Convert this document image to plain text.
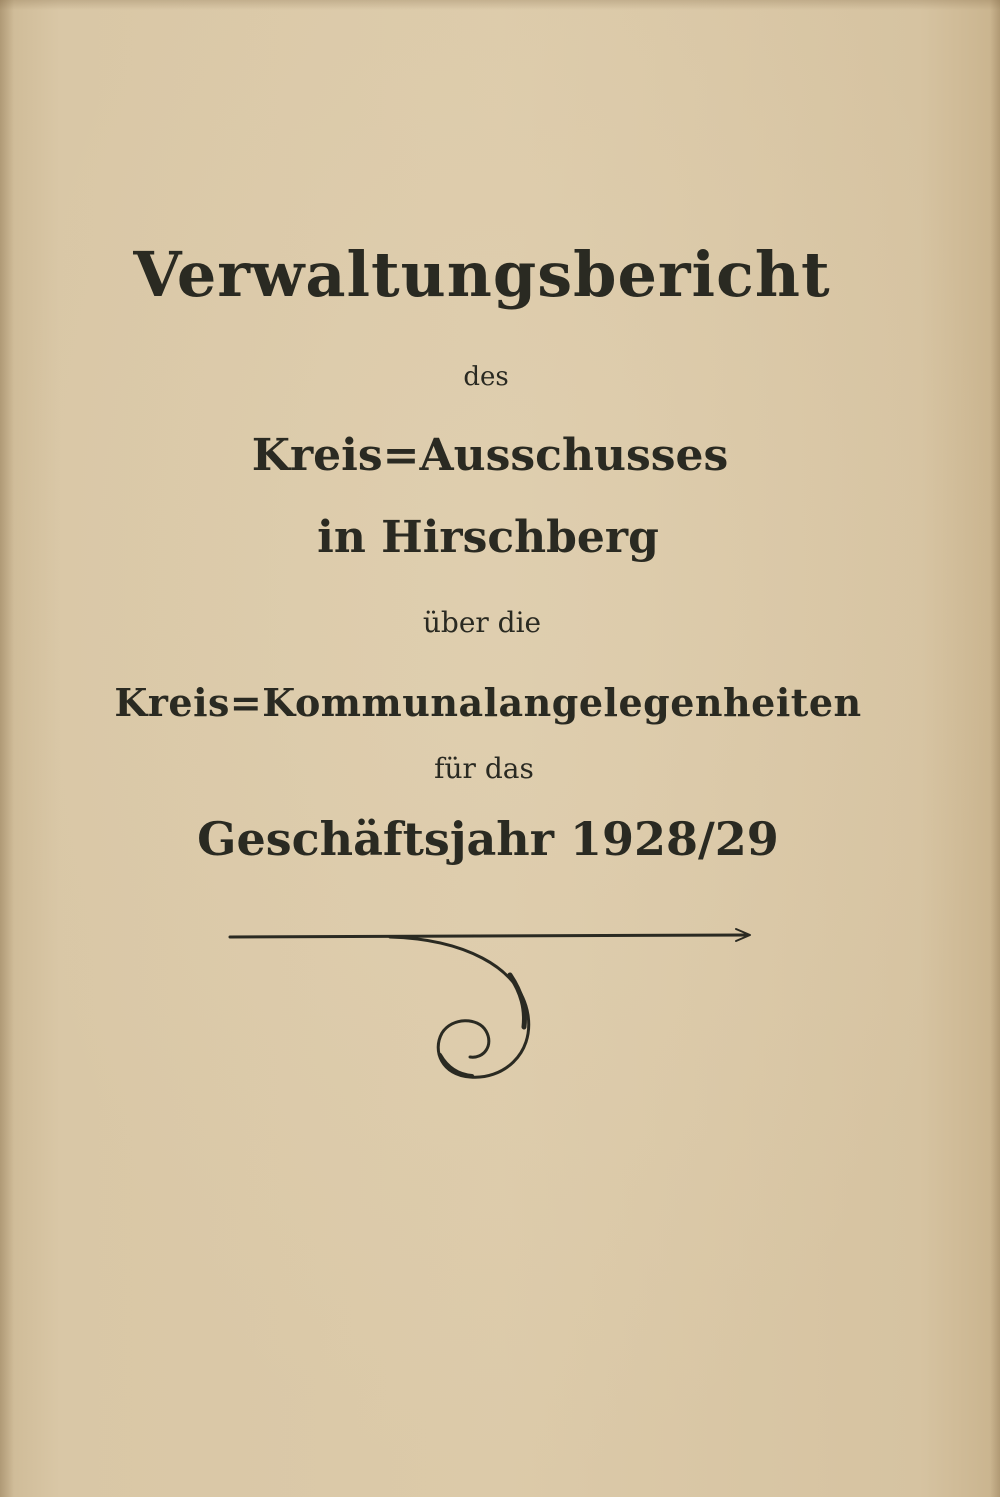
Verwaltungsbericht
des
Kreis=Ausschusses
in Hirschberg
über die
Kreis=Kommunalangelegenheiten
für das
Geschäftsjahr 1928/29
